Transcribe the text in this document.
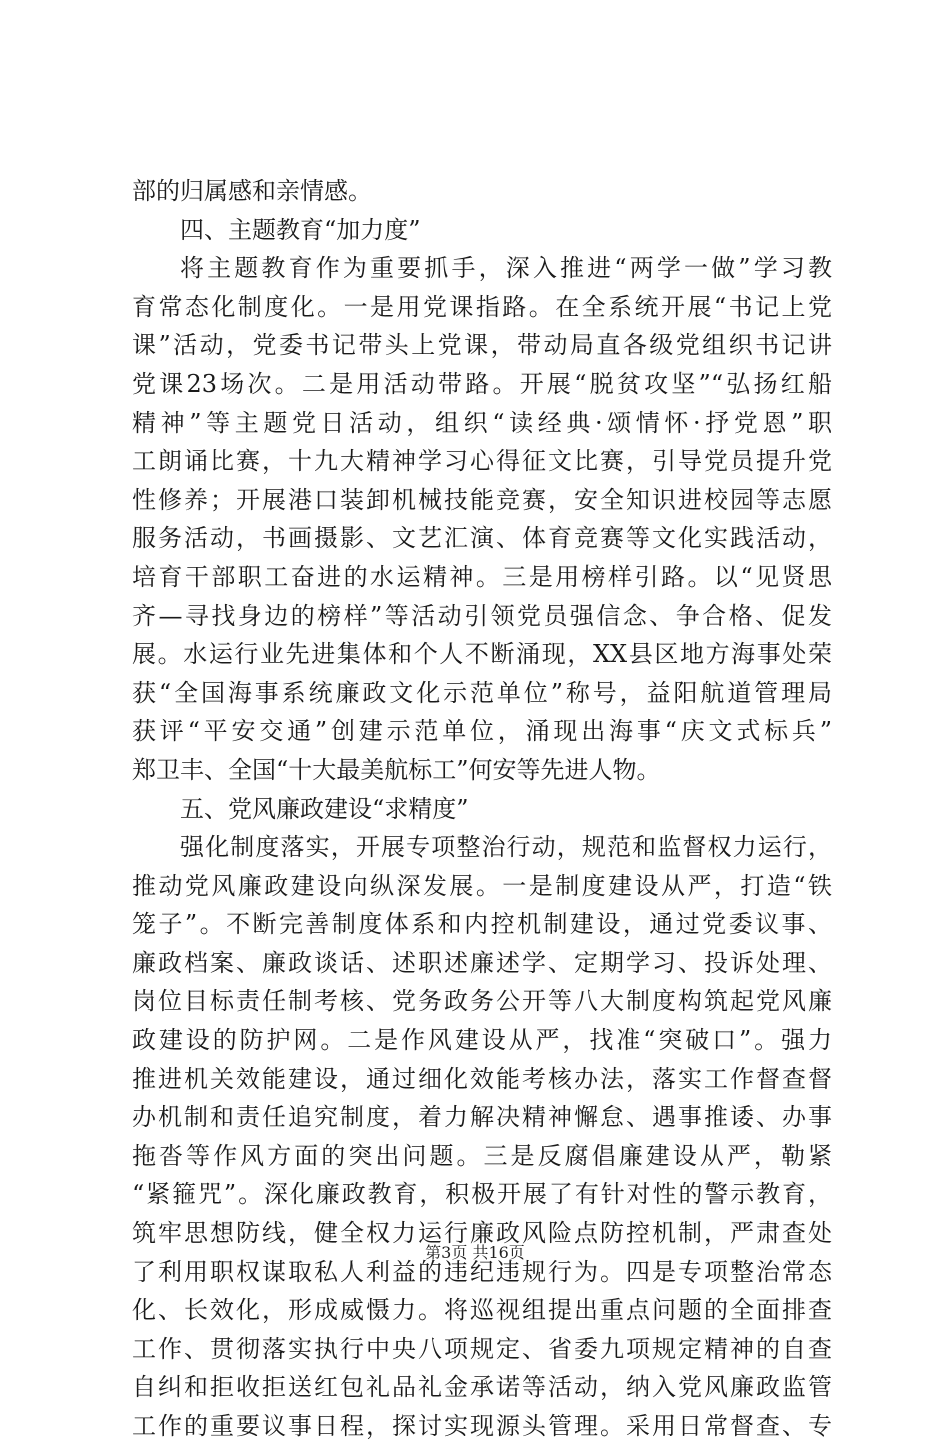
部的归属感和亲情感。
四、主题教育“加力度”
将主题教育作为重要抓手，深入推进“两学一做”学习教
育常态化制度化。一是用党课指路。在全系统开展“书记上党
课”活动，党委书记带头上党课，带动局直各级党组织书记讲
党课23场次。二是用活动带路。开展“脱贫攻坚”“弘扬红船
精神”等主题党日活动，组织“读经典·颂情怀·抒党恩”职
工朗诵比赛，十九大精神学习心得征文比赛，引导党员提升党
性修养；开展港口装卸机械技能竞赛，安全知识进校园等志愿
服务活动，书画摄影、文艺汇演、体育竞赛等文化实践活动，
培育干部职工奋进的水运精神。三是用榜样引路。以“见贤思
齐—寻找身边的榜样”等活动引领党员强信念、争合格、促发
展。水运行业先进集体和个人不断涌现，XX县区地方海事处荣
获“全国海事系统廉政文化示范单位”称号，益阳航道管理局
获评“平安交通”创建示范单位，涌现出海事“庆文式标兵”
郑卫丰、全国“十大最美航标工”何安等先进人物。
五、党风廉政建设“求精度”
强化制度落实，开展专项整治行动，规范和监督权力运行，
推动党风廉政建设向纵深发展。一是制度建设从严，打造“铁
笼子”。不断完善制度体系和内控机制建设，通过党委议事、
廉政档案、廉政谈话、述职述廉述学、定期学习、投诉处理、
岗位目标责任制考核、党务政务公开等八大制度构筑起党风廉
政建设的防护网。二是作风建设从严，找准“突破口”。强力
推进机关效能建设，通过细化效能考核办法，落实工作督查督
办机制和责任追究制度，着力解决精神懈怠、遇事推诿、办事
拖沓等作风方面的突出问题。三是反腐倡廉建设从严，勒紧
“紧箍咒”。深化廉政教育，积极开展了有针对性的警示教育，
筑牢思想防线，健全权力运行廉政风险点防控机制，严肃查处
了利用职权谋取私人利益的违纪违规行为。四是专项整治常态
化、长效化，形成威慑力。将巡视组提出重点问题的全面排查
工作、贯彻落实执行中央八项规定、省委九项规定精神的自查
自纠和拒收拒送红包礼品礼金承诺等活动，纳入党风廉政监管
工作的重要议事日程，探讨实现源头管理。采用日常督查、专
第3页 共16页
